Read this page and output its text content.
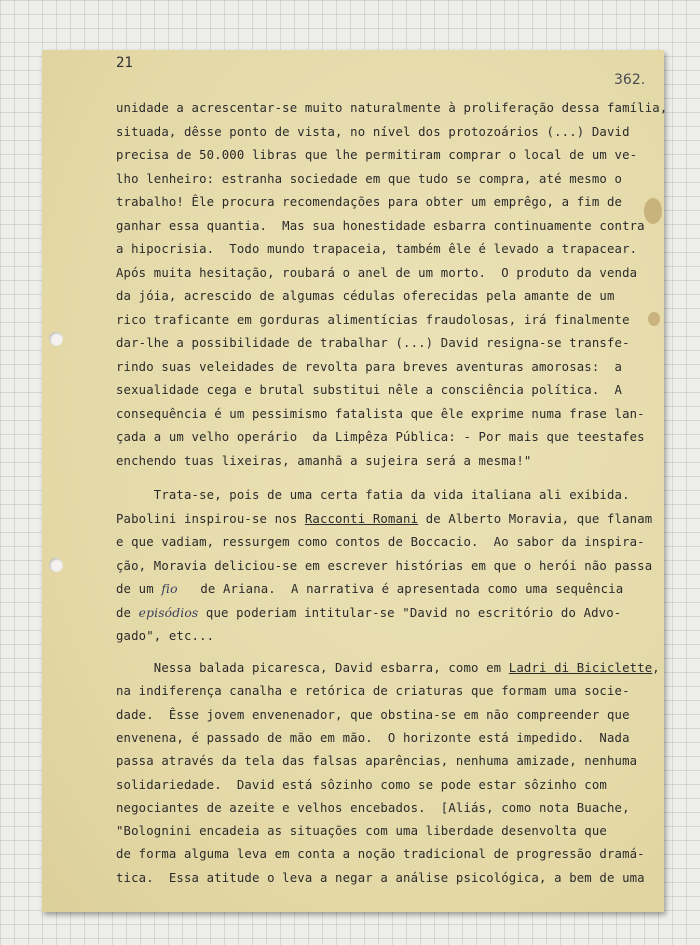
21
362.
unidade a acrescentar-se muito naturalmente à proliferação dessa família,
situada, dêsse ponto de vista, no nível dos protozoários (...) David
precisa de 50.000 libras que lhe permitiram comprar o local de um ve-
lho lenheiro: estranha sociedade em que tudo se compra, até mesmo o
trabalho! Êle procura recomendações para obter um emprêgo, a fim de
ganhar essa quantia.  Mas sua honestidade esbarra continuamente contra
a hipocrisia.  Todo mundo trapaceia, também êle é levado a trapacear.
Após muita hesitação, roubará o anel de um morto.  O produto da venda
da jóia, acrescido de algumas cédulas oferecidas pela amante de um
rico traficante em gorduras alimentícias fraudolosas, irá finalmente
dar-lhe a possibilidade de trabalhar (...) David resigna-se transfe-
rindo suas veleidades de revolta para breves aventuras amorosas:  a
sexualidade cega e brutal substitui nêle a consciência política.  A
consequência é um pessimismo fatalista que êle exprime numa frase lan-
çada a um velho operário  da Limpêza Pública: - Por mais que teestafes
enchendo tuas lixeiras, amanhã a sujeira será a mesma!"
Trata-se, pois de uma certa fatia da vida italiana ali exibida.
Pabolini inspirou-se nos Racconti Romani de Alberto Moravia, que flanam
e que vadiam, ressurgem como contos de Boccacio.  Ao sabor da inspira-
ção, Moravia deliciou-se em escrever histórias em que o herói não passa
de um fio   de Ariana.  A narrativa é apresentada como uma sequência
de episódios que poderiam intitular-se "David no escritório do Advo-
gado", etc...
Nessa balada picaresca, David esbarra, como em Ladri di Biciclette,
na indiferença canalha e retórica de criaturas que formam uma socie-
dade.  Êsse jovem envenenador, que obstina-se em não compreender que
envenena, é passado de mão em mão.  O horizonte está impedido.  Nada
passa através da tela das falsas aparências, nenhuma amizade, nenhuma
solidariedade.  David está sôzinho como se pode estar sôzinho com
negociantes de azeite e velhos encebados.  [Aliás, como nota Buache,
"Bolognini encadeia as situações com uma liberdade desenvolta que
de forma alguma leva em conta a noção tradicional de progressão dramá-
tica.  Essa atitude o leva a negar a análise psicológica, a bem de uma
